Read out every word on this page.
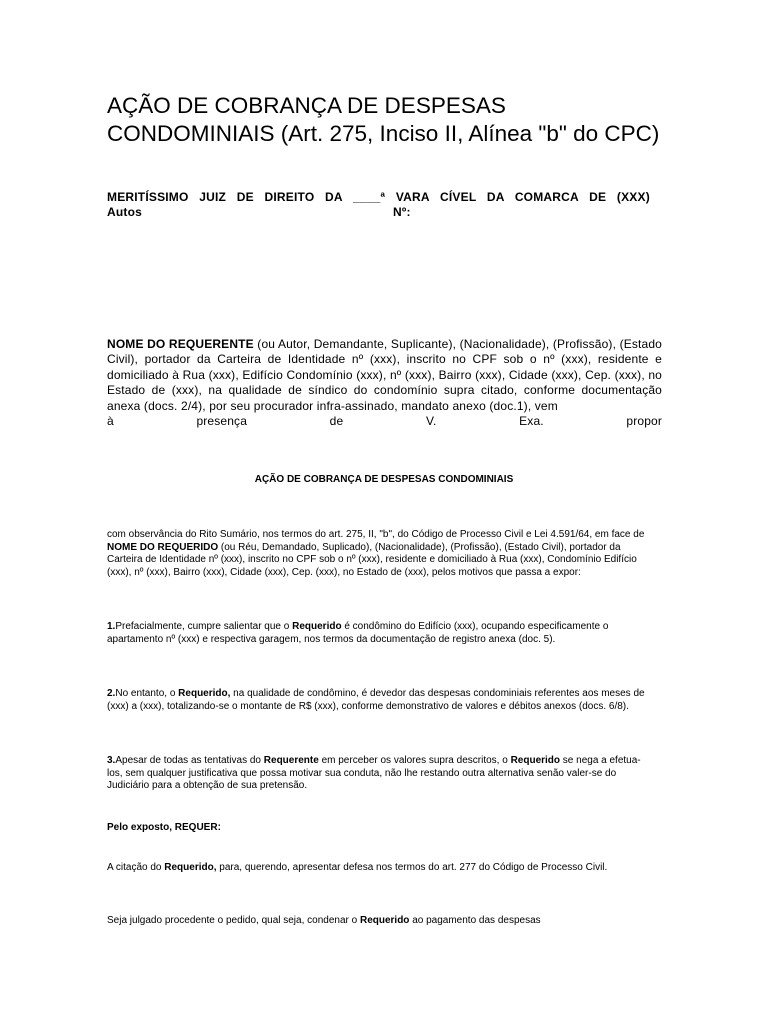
AÇÃO DE COBRANÇA DE DESPESAS CONDOMINIAIS (Art. 275, Inciso II, Alínea "b" do CPC)
MERITÍSSIMO JUIZ DE DIREITO DA ____ª VARA CÍVEL DA COMARCA DE (XXX)
Autos	Nº:
NOME DO REQUERENTE (ou Autor, Demandante, Suplicante), (Nacionalidade), (Profissão), (Estado Civil), portador da Carteira de Identidade nº (xxx), inscrito no CPF sob o nº (xxx), residente e domiciliado à Rua (xxx), Edifício Condomínio (xxx), nº (xxx), Bairro (xxx), Cidade (xxx), Cep. (xxx), no Estado de (xxx), na qualidade de síndico do condomínio supra citado, conforme documentação anexa (docs. 2/4), por seu procurador infra-assinado, mandato anexo (doc.1), vem
à presença de V. Exa. propor
AÇÃO DE COBRANÇA DE DESPESAS CONDOMINIAIS
com observância do Rito Sumário, nos termos do art. 275, II, "b", do Código de Processo Civil e Lei 4.591/64, em face de NOME DO REQUERIDO (ou Réu, Demandado, Suplicado), (Nacionalidade), (Profissão), (Estado Civil), portador da Carteira de Identidade nº (xxx), inscrito no CPF sob o nº (xxx), residente e domiciliado à Rua (xxx), Condomínio Edifício (xxx), nº (xxx), Bairro (xxx), Cidade (xxx), Cep. (xxx), no Estado de (xxx), pelos motivos que passa a expor:
1.Prefacialmente, cumpre salientar que o Requerido é condômino do Edifício (xxx), ocupando especificamente o apartamento nº (xxx) e respectiva garagem, nos termos da documentação de registro anexa (doc. 5).
2.No entanto, o Requerido, na qualidade de condômino, é devedor das despesas condominiais referentes aos meses de (xxx) a (xxx), totalizando-se o montante de R$ (xxx), conforme demonstrativo de valores e débitos anexos (docs. 6/8).
3.Apesar de todas as tentativas do Requerente em perceber os valores supra descritos, o Requerido se nega a efetua-los, sem qualquer justificativa que possa motivar sua conduta, não lhe restando outra alternativa senão valer-se do Judiciário para a obtenção de sua pretensão.
Pelo exposto, REQUER:
A citação do Requerido, para, querendo, apresentar defesa nos termos do art. 277 do Código de Processo Civil.
Seja julgado procedente o pedido, qual seja, condenar o Requerido ao pagamento das despesas
